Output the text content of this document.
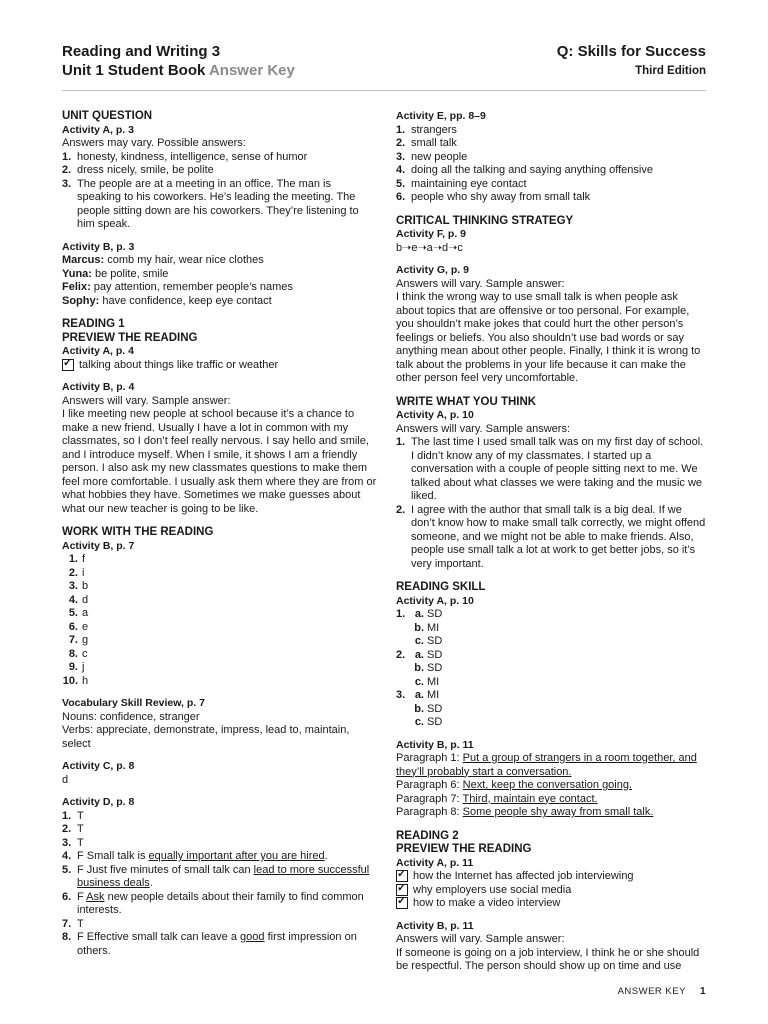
Reading and Writing 3
Unit 1 Student Book Answer Key
Q: Skills for Success
Third Edition
UNIT QUESTION
Activity A, p. 3

Answers may vary. Possible answers:

1. honesty, kindness, intelligence, sense of humor
2. dress nicely, smile, be polite
3. The people are at a meeting in an office. The man is speaking to his coworkers. He’s leading the meeting. The people sitting down are his coworkers. They’re listening to him speak.
Activity B, p. 3

Marcus: comb my hair, wear nice clothes

Yuna: be polite, smile

Felix: pay attention, remember people’s names

Sophy: have confidence, keep eye contact

READING 1
PREVIEW THE READING
Activity A, p. 4
✓
talking about things like traffic or weather
Activity B, p. 4

Answers will vary. Sample answer:

I like meeting new people at school because it’s a chance to make a new friend. Usually I have a lot in common with my classmates, so I don’t feel really nervous. I say hello and smile, and I introduce myself. When I smile, it shows I am a friendly person. I also ask my new classmates questions to make them feel more comfortable. I usually ask them where they are from or what hobbies they have. Sometimes we make guesses about what our new teacher is going to be like.

WORK WITH THE READING
Activity B, p. 7
1. f
2. i
3. b
4. d
5. a
6. e
7. g
8. c
9. j
10. h
Vocabulary Skill Review, p. 7

Nouns: confidence, stranger

Verbs: appreciate, demonstrate, impress, lead to, maintain, select

Activity C, p. 8

d

Activity D, p. 8
1. T
2. T
3. T
4. F Small talk is equally important after you are hired.
5. F Just five minutes of small talk can lead to more successful business deals.
6. F Ask new people details about their family to find common interests.
7. T
8. F Effective small talk can leave a good first impression on others.
Activity E, pp. 8–9
1. strangers
2. small talk
3. new people
4. doing all the talking and saying anything offensive
5. maintaining eye contact
6. people who shy away from small talk
CRITICAL THINKING STRATEGY
Activity F, p. 9

b➝e➝a➝d➝c

Activity G, p. 9

Answers will vary. Sample answer:

I think the wrong way to use small talk is when people ask about topics that are offensive or too personal. For example, you shouldn’t make jokes that could hurt the other person’s feelings or beliefs. You also shouldn’t use bad words or say anything mean about other people. Finally, I think it is wrong to talk about the problems in your life because it can make the other person feel very uncomfortable.

WRITE WHAT YOU THINK
Activity A, p. 10

Answers will vary. Sample answers:

1. The last time I used small talk was on my first day of school. I didn’t know any of my classmates. I started up a conversation with a couple of people sitting next to me. We talked about what classes we were taking and the music we liked.
2. I agree with the author that small talk is a big deal. If we don’t know how to make small talk correctly, we might offend someone, and we might not be able to make friends. Also, people use small talk a lot at work to get better jobs, so it’s very important.
READING SKILL
Activity A, p. 10
1. a. SD
b. MI
c. SD
2. a. SD
b. SD
c. MI
3. a. MI
b. SD
c. SD
Activity B, p. 11

Paragraph 1: Put a group of strangers in a room together, and they’ll probably start a conversation.

Paragraph 6: Next, keep the conversation going.

Paragraph 7: Third, maintain eye contact.

Paragraph 8: Some people shy away from small talk.

READING 2
PREVIEW THE READING
Activity A, p. 11
✓
how the Internet has affected job interviewing
✓
why employers use social media
✓
how to make a video interview
Activity B, p. 11

Answers will vary. Sample answer:

If someone is going on a job interview, I think he or she should be respectful. The person should show up on time and use

ANSWER KEY 1
